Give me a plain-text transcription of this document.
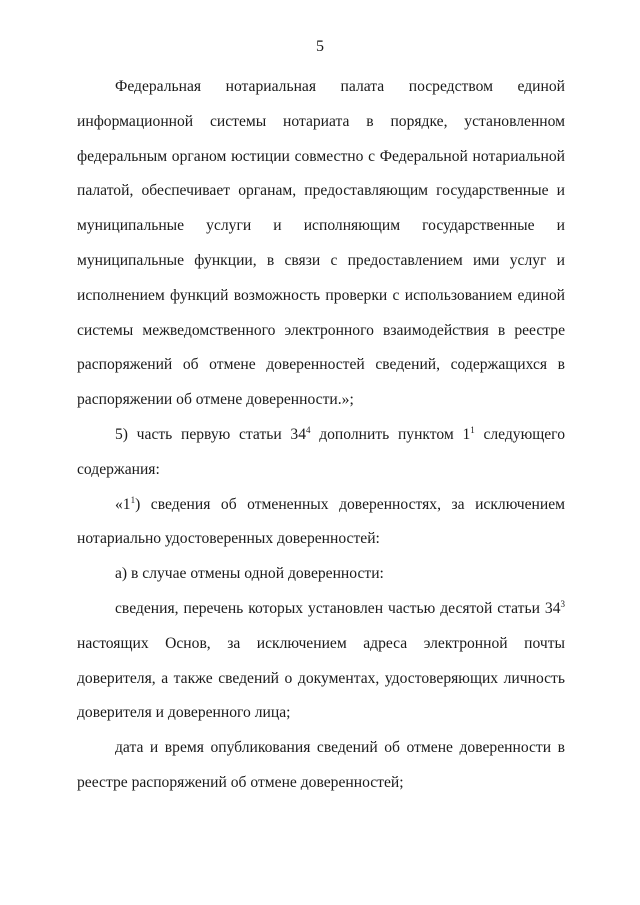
5

Федеральная нотариальная палата посредством единой информационной системы нотариата в порядке, установленном федеральным органом юстиции совместно с Федеральной нотариальной палатой, обеспечивает органам, предоставляющим государственные и муниципальные услуги и исполняющим государственные и муниципальные функции, в связи с предоставлением ими услуг и исполнением функций возможность проверки с использованием единой системы межведомственного электронного взаимодействия в реестре распоряжений об отмене доверенностей сведений, содержащихся в распоряжении об отмене доверенности.»;

5) часть первую статьи $34^4$ дополнить пунктом $1^1$ следующего содержания:

«$1^1$) сведения об отмененных доверенностях, за исключением нотариально удостоверенных доверенностей:

а) в случае отмены одной доверенности:

сведения, перечень которых установлен частью десятой статьи $34^3$ настоящих Основ, за исключением адреса электронной почты доверителя, а также сведений о документах, удостоверяющих личность доверителя и доверенного лица;

дата и время опубликования сведений об отмене доверенности в реестре распоряжений об отмене доверенностей;
